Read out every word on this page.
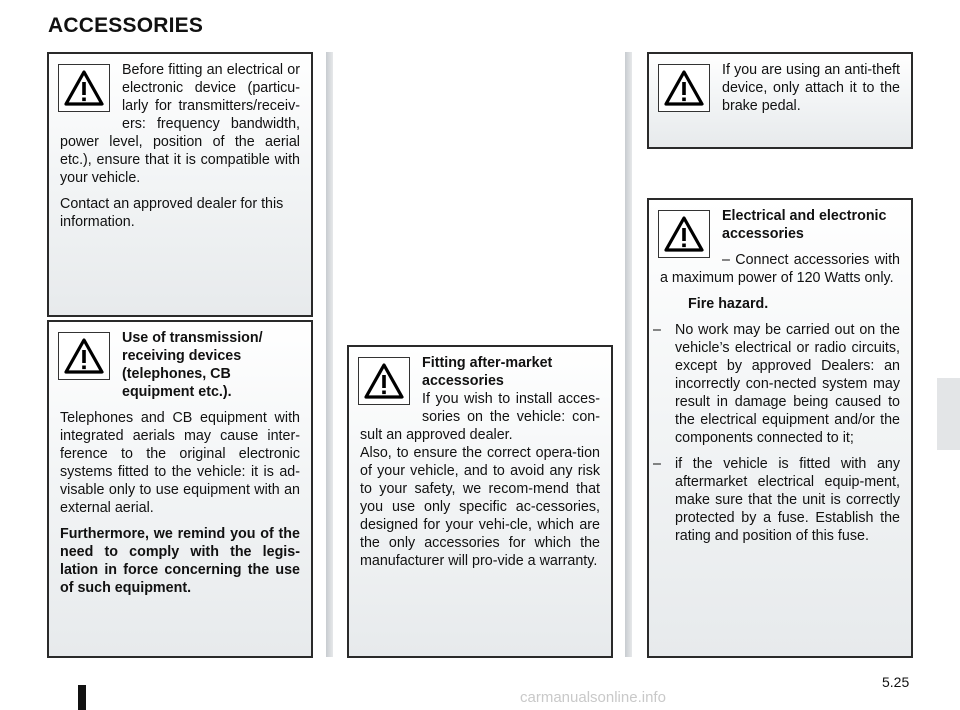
ACCESSORIES

Before fitting an electrical or electronic device (particu-larly for transmitters/receiv-ers: frequency bandwidth, power level, position of the aerial etc.), ensure that it is compatible with your vehicle.

Contact an approved dealer for this information.

Use of transmission/ receiving devices (telephones, CB equipment etc.).

Telephones and CB equipment with integrated aerials may cause inter-ference to the original electronic systems fitted to the vehicle: it is ad-visable only to use equipment with an external aerial.

Furthermore, we remind you of the need to comply with the legis-lation in force concerning the use of such equipment.

Fitting after-market accessories

If you wish to install acces-sories on the vehicle: con-sult an approved dealer.

Also, to ensure the correct opera-tion of your vehicle, and to avoid any risk to your safety, we recom-mend that you use only specific ac-cessories, designed for your vehi-cle, which are the only accessories for which the manufacturer will pro-vide a warranty.

If you are using an anti-theft device, only attach it to the brake pedal.

Electrical and electronic accessories

– Connect accessories with a maximum power of 120 Watts only.

Fire hazard.

– No work may be carried out on the vehicle’s electrical or radio circuits, except by approved Dealers: an incorrectly con-nected system may result in damage being caused to the electrical equipment and/or the components connected to it;
– if the vehicle is fitted with any aftermarket electrical equip-ment, make sure that the unit is correctly protected by a fuse. Establish the rating and position of this fuse.
5.25
carmanualsonline.info
